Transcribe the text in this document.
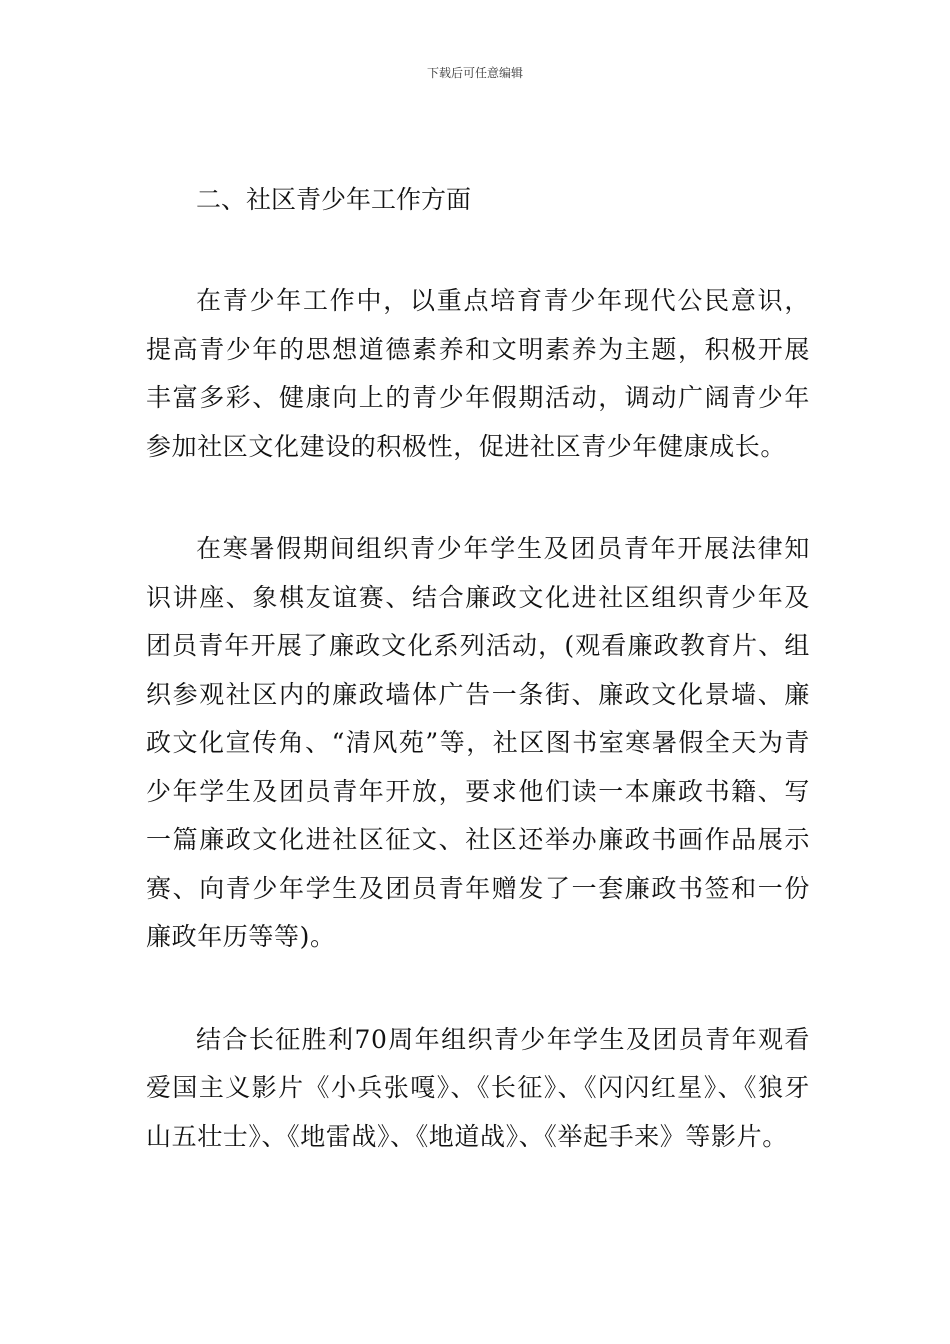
下载后可任意编辑
二、社区青少年工作方面

在青少年工作中，以重点培育青少年现代公民意识，提高青少年的思想道德素养和文明素养为主题，积极开展丰富多彩、健康向上的青少年假期活动，调动广阔青少年参加社区文化建设的积极性，促进社区青少年健康成长。

在寒暑假期间组织青少年学生及团员青年开展法律知识讲座、象棋友谊赛、结合廉政文化进社区组织青少年及团员青年开展了廉政文化系列活动，(观看廉政教育片、组织参观社区内的廉政墙体广告一条街、廉政文化景墙、廉政文化宣传角、“清风苑”等，社区图书室寒暑假全天为青少年学生及团员青年开放，要求他们读一本廉政书籍、写一篇廉政文化进社区征文、社区还举办廉政书画作品展示赛、向青少年学生及团员青年赠发了一套廉政书签和一份廉政年历等等)。

结合长征胜利70周年组织青少年学生及团员青年观看爱国主义影片《小兵张嘎》、《长征》、《闪闪红星》、《狼牙山五壮士》、《地雷战》、《地道战》、《举起手来》等影片。
